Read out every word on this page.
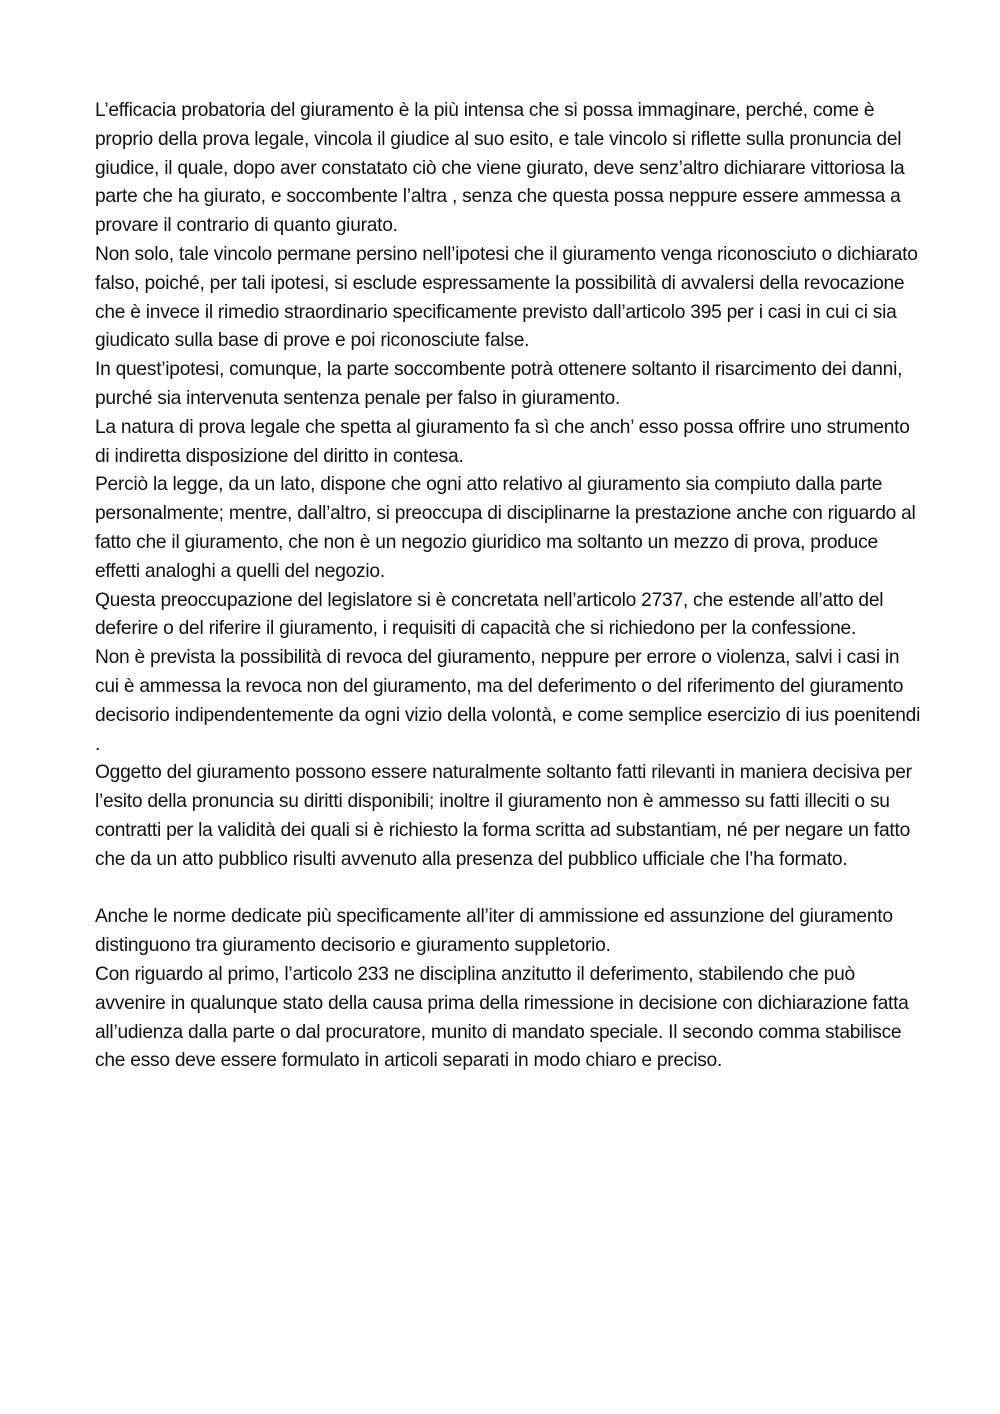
L’efficacia probatoria del giuramento è la più intensa che si possa immaginare, perché, come è proprio della prova legale, vincola il giudice al suo esito, e tale vincolo si riflette sulla pronuncia del giudice, il quale, dopo aver constatato ciò che viene giurato, deve senz’altro dichiarare vittoriosa la parte che ha giurato, e soccombente l’altra , senza che questa possa neppure essere ammessa a provare il contrario di quanto giurato.

Non solo, tale vincolo permane persino nell’ipotesi che il giuramento venga riconosciuto o dichiarato falso, poiché, per tali ipotesi, si esclude espressamente la possibilità di avvalersi della revocazione che è invece il rimedio straordinario specificamente previsto dall’articolo 395 per i casi in cui ci sia giudicato sulla base di prove e poi riconosciute false.

In quest’ipotesi, comunque, la parte soccombente potrà ottenere soltanto il risarcimento dei danni, purché sia intervenuta sentenza penale per falso in giuramento.

La natura di prova legale che spetta al giuramento fa sì che anch’ esso possa offrire uno strumento di indiretta disposizione del diritto in contesa.

Perciò la legge, da un lato, dispone che ogni atto relativo al giuramento sia compiuto dalla parte personalmente; mentre, dall’altro, si preoccupa di disciplinarne la prestazione anche con riguardo al fatto che il giuramento, che non è un negozio giuridico ma soltanto un mezzo di prova, produce effetti analoghi a quelli del negozio.

Questa preoccupazione del legislatore si è concretata nell’articolo 2737, che estende all’atto del deferire o del riferire il giuramento, i requisiti di capacità che si richiedono per la confessione.

Non è prevista la possibilità di revoca del giuramento, neppure per errore o violenza, salvi i casi in cui è ammessa la revoca non del giuramento, ma del deferimento o del riferimento del giuramento decisorio indipendentemente da ogni vizio della volontà, e come semplice esercizio di ius poenitendi .

Oggetto del giuramento possono essere naturalmente soltanto fatti rilevanti in maniera decisiva per l’esito della pronuncia su diritti disponibili; inoltre il giuramento non è ammesso su fatti illeciti o su contratti per la validità dei quali si è richiesto la forma scritta ad substantiam, né per negare un fatto che da un atto pubblico risulti avvenuto alla presenza del pubblico ufficiale che l’ha formato.

Anche le norme dedicate più specificamente all’iter di ammissione ed assunzione del giuramento distinguono tra giuramento decisorio e giuramento suppletorio.

Con riguardo al primo, l’articolo 233 ne disciplina anzitutto il deferimento, stabilendo che può avvenire in qualunque stato della causa prima della rimessione in decisione con dichiarazione fatta all’udienza dalla parte o dal procuratore, munito di mandato speciale. Il secondo comma stabilisce che esso deve essere formulato in articoli separati in modo chiaro e preciso.
